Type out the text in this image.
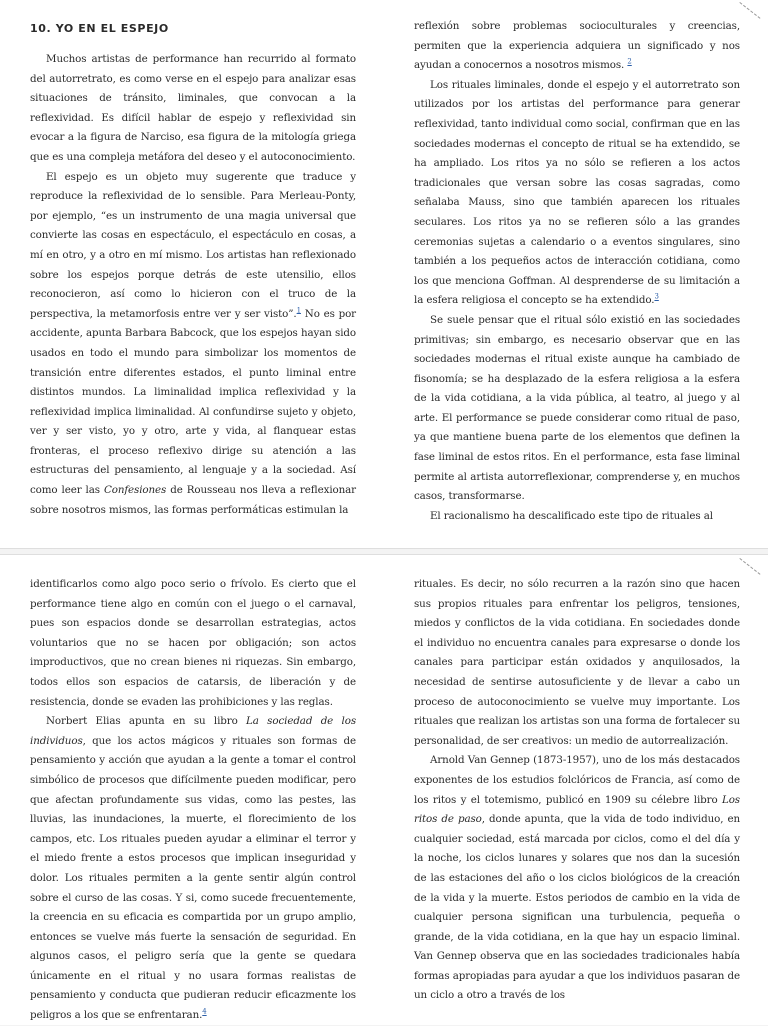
10. YO EN EL ESPEJO

Muchos artistas de performance han recurrido al formato del autorretrato, es como verse en el espejo para analizar esas situaciones de tránsito, liminales, que convocan a la reflexividad. Es difícil hablar de espejo y reflexividad sin evocar a la figura de Narciso, esa figura de la mitología griega que es una compleja metáfora del deseo y el autoconocimiento.

El espejo es un objeto muy sugerente que traduce y reproduce la reflexividad de lo sensible. Para Merleau-Ponty, por ejemplo, “es un instrumento de una magia universal que convierte las cosas en espectáculo, el espectáculo en cosas, a mí en otro, y a otro en mí mismo. Los artistas han reflexionado sobre los espejos porque detrás de este utensilio, ellos reconocieron, así como lo hicieron con el truco de la perspectiva, la metamorfosis entre ver y ser visto”.$^1$ No es por accidente, apunta Barbara Babcock, que los espejos hayan sido usados en todo el mundo para simbolizar los momentos de transición entre diferentes estados, el punto liminal entre distintos mundos. La liminalidad implica reflexividad y la reflexividad implica liminalidad. Al confundirse sujeto y objeto, ver y ser visto, yo y otro, arte y vida, al flanquear estas fronteras, el proceso reflexivo dirige su atención a las estructuras del pensamiento, al lenguaje y a la sociedad. Así como leer las Confesiones de Rousseau nos lleva a reflexionar sobre nosotros mismos, las formas performáticas estimulan la

reflexión sobre problemas socioculturales y creencias, permiten que la experiencia adquiera un significado y nos ayudan a conocernos a nosotros mismos. $^2$

Los rituales liminales, donde el espejo y el autorretrato son utilizados por los artistas del performance para generar reflexividad, tanto individual como social, confirman que en las sociedades modernas el concepto de ritual se ha extendido, se ha ampliado. Los ritos ya no sólo se refieren a los actos tradicionales que versan sobre las cosas sagradas, como señalaba Mauss, sino que también aparecen los rituales seculares. Los ritos ya no se refieren sólo a las grandes ceremonias sujetas a calendario o a eventos singulares, sino también a los pequeños actos de interacción cotidiana, como los que menciona Goffman. Al desprenderse de su limitación a la esfera religiosa el concepto se ha extendido.$^3$

Se suele pensar que el ritual sólo existió en las sociedades primitivas; sin embargo, es necesario observar que en las sociedades modernas el ritual existe aunque ha cambiado de fisonomía; se ha desplazado de la esfera religiosa a la esfera de la vida cotidiana, a la vida pública, al teatro, al juego y al arte. El performance se puede considerar como ritual de paso, ya que mantiene buena parte de los elementos que definen la fase liminal de estos ritos. En el performance, esta fase liminal permite al artista autorreflexionar, comprenderse y, en muchos casos, transformarse.

El racionalismo ha descalificado este tipo de rituales al

identificarlos como algo poco serio o frívolo. Es cierto que el performance tiene algo en común con el juego o el carnaval, pues son espacios donde se desarrollan estrategias, actos voluntarios que no se hacen por obligación; son actos improductivos, que no crean bienes ni riquezas. Sin embargo, todos ellos son espacios de catarsis, de liberación y de resistencia, donde se evaden las prohibiciones y las reglas.

Norbert Elias apunta en su libro La sociedad de los individuos, que los actos mágicos y rituales son formas de pensamiento y acción que ayudan a la gente a tomar el control simbólico de procesos que difícilmente pueden modificar, pero que afectan profundamente sus vidas, como las pestes, las lluvias, las inundaciones, la muerte, el florecimiento de los campos, etc. Los rituales pueden ayudar a eliminar el terror y el miedo frente a estos procesos que implican inseguridad y dolor. Los rituales permiten a la gente sentir algún control sobre el curso de las cosas. Y si, como sucede frecuentemente, la creencia en su eficacia es compartida por un grupo amplio, entonces se vuelve más fuerte la sensación de seguridad. En algunos casos, el peligro sería que la gente se quedara únicamente en el ritual y no usara formas realistas de pensamiento y conducta que pudieran reducir eficazmente los peligros a los que se enfrentaran.$^4$

rituales. Es decir, no sólo recurren a la razón sino que hacen sus propios rituales para enfrentar los peligros, tensiones, miedos y conflictos de la vida cotidiana. En sociedades donde el individuo no encuentra canales para expresarse o donde los canales para participar están oxidados y anquilosados, la necesidad de sentirse autosuficiente y de llevar a cabo un proceso de autoconocimiento se vuelve muy importante. Los rituales que realizan los artistas son una forma de fortalecer su personalidad, de ser creativos: un medio de autorrealización.

Arnold Van Gennep (1873-1957), uno de los más destacados exponentes de los estudios folclóricos de Francia, así como de los ritos y el totemismo, publicó en 1909 su célebre libro Los ritos de paso, donde apunta, que la vida de todo individuo, en cualquier sociedad, está marcada por ciclos, como el del día y la noche, los ciclos lunares y solares que nos dan la sucesión de las estaciones del año o los ciclos biológicos de la creación de la vida y la muerte. Estos periodos de cambio en la vida de cualquier persona significan una turbulencia, pequeña o grande, de la vida cotidiana, en la que hay un espacio liminal. Van Gennep observa que en las sociedades tradicionales había formas apropiadas para ayudar a que los individuos pasaran de un ciclo a otro a través de los
